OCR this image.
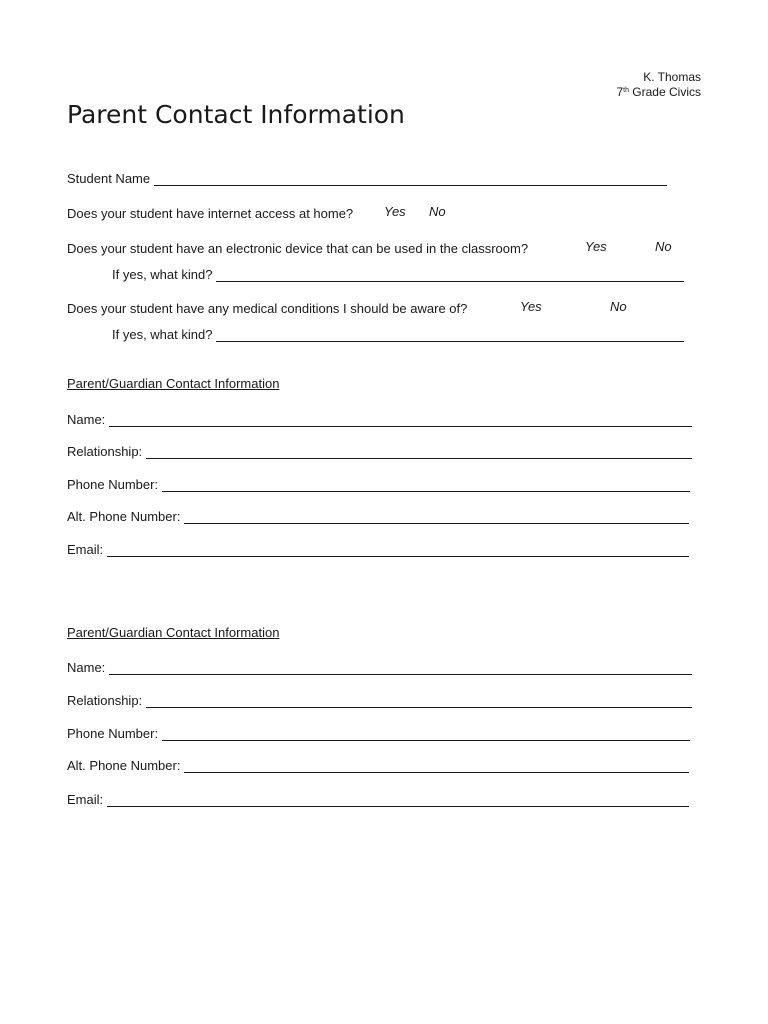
K. Thomas
7th Grade Civics
Parent Contact Information
Student Name
Does your student have internet access at home? Yes No
Does your student have an electronic device that can be used in the classroom?	Yes	No
If yes, what kind?
Does your student have any medical conditions I should be aware of?	Yes	No
If yes, what kind?
Parent/Guardian Contact Information
Name:
Relationship:
Phone Number:
Alt. Phone Number:
Email:
Parent/Guardian Contact Information
Name:
Relationship:
Phone Number:
Alt. Phone Number:
Email:
